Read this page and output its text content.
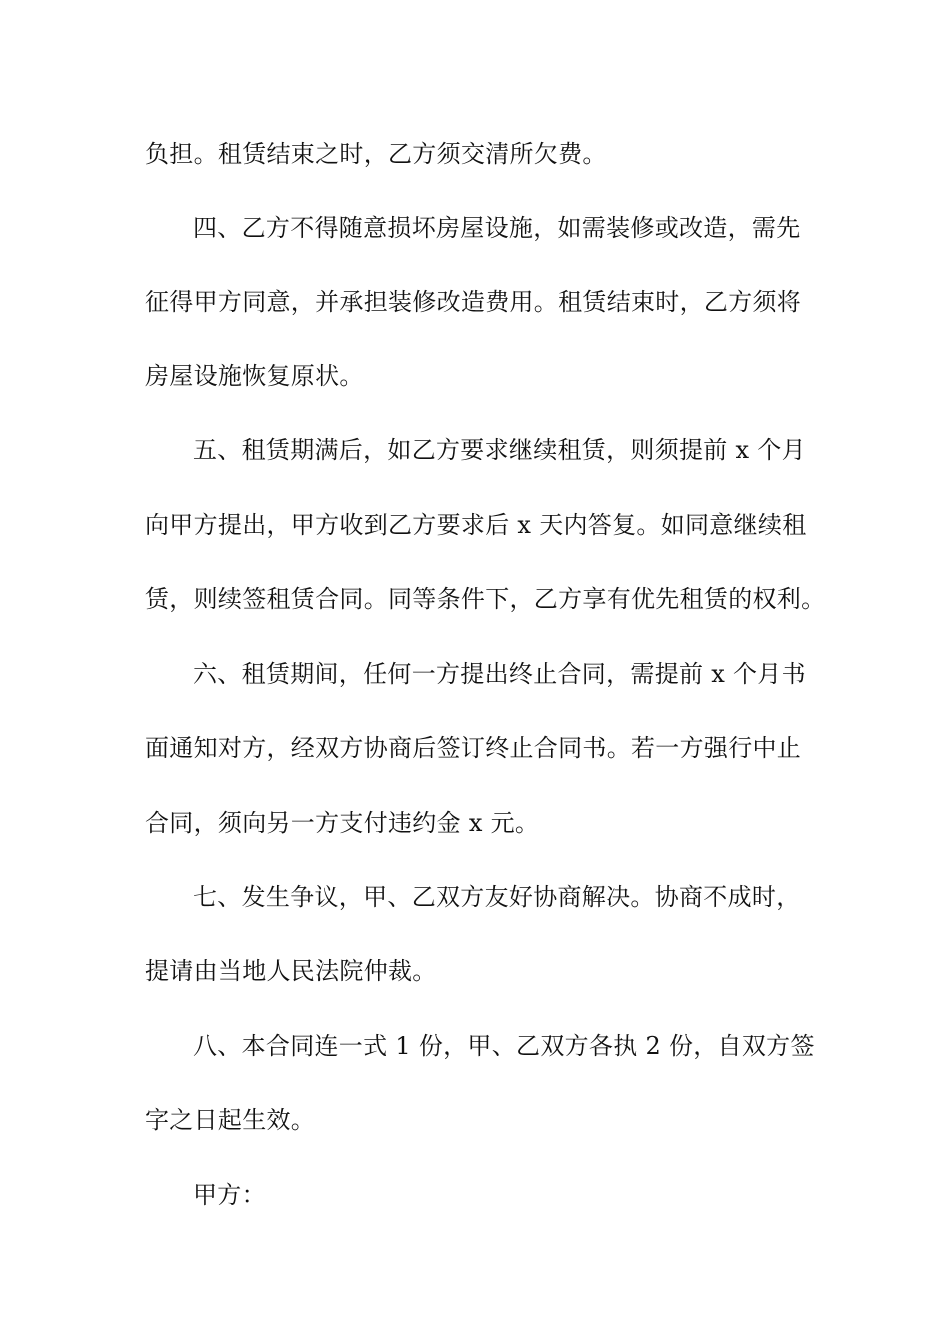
负担。租赁结束之时，乙方须交清所欠费。
四、乙方不得随意损坏房屋设施，如需装修或改造，需先
征得甲方同意，并承担装修改造费用。租赁结束时，乙方须将
房屋设施恢复原状。
五、租赁期满后，如乙方要求继续租赁，则须提前 x 个月
向甲方提出，甲方收到乙方要求后 x 天内答复。如同意继续租
赁，则续签租赁合同。同等条件下，乙方享有优先租赁的权利。
六、租赁期间，任何一方提出终止合同，需提前 x 个月书
面通知对方，经双方协商后签订终止合同书。若一方强行中止
合同，须向另一方支付违约金 x 元。
七、发生争议，甲、乙双方友好协商解决。协商不成时，
提请由当地人民法院仲裁。
八、本合同连一式 1 份，甲、乙双方各执 2 份，自双方签
字之日起生效。
甲方：
